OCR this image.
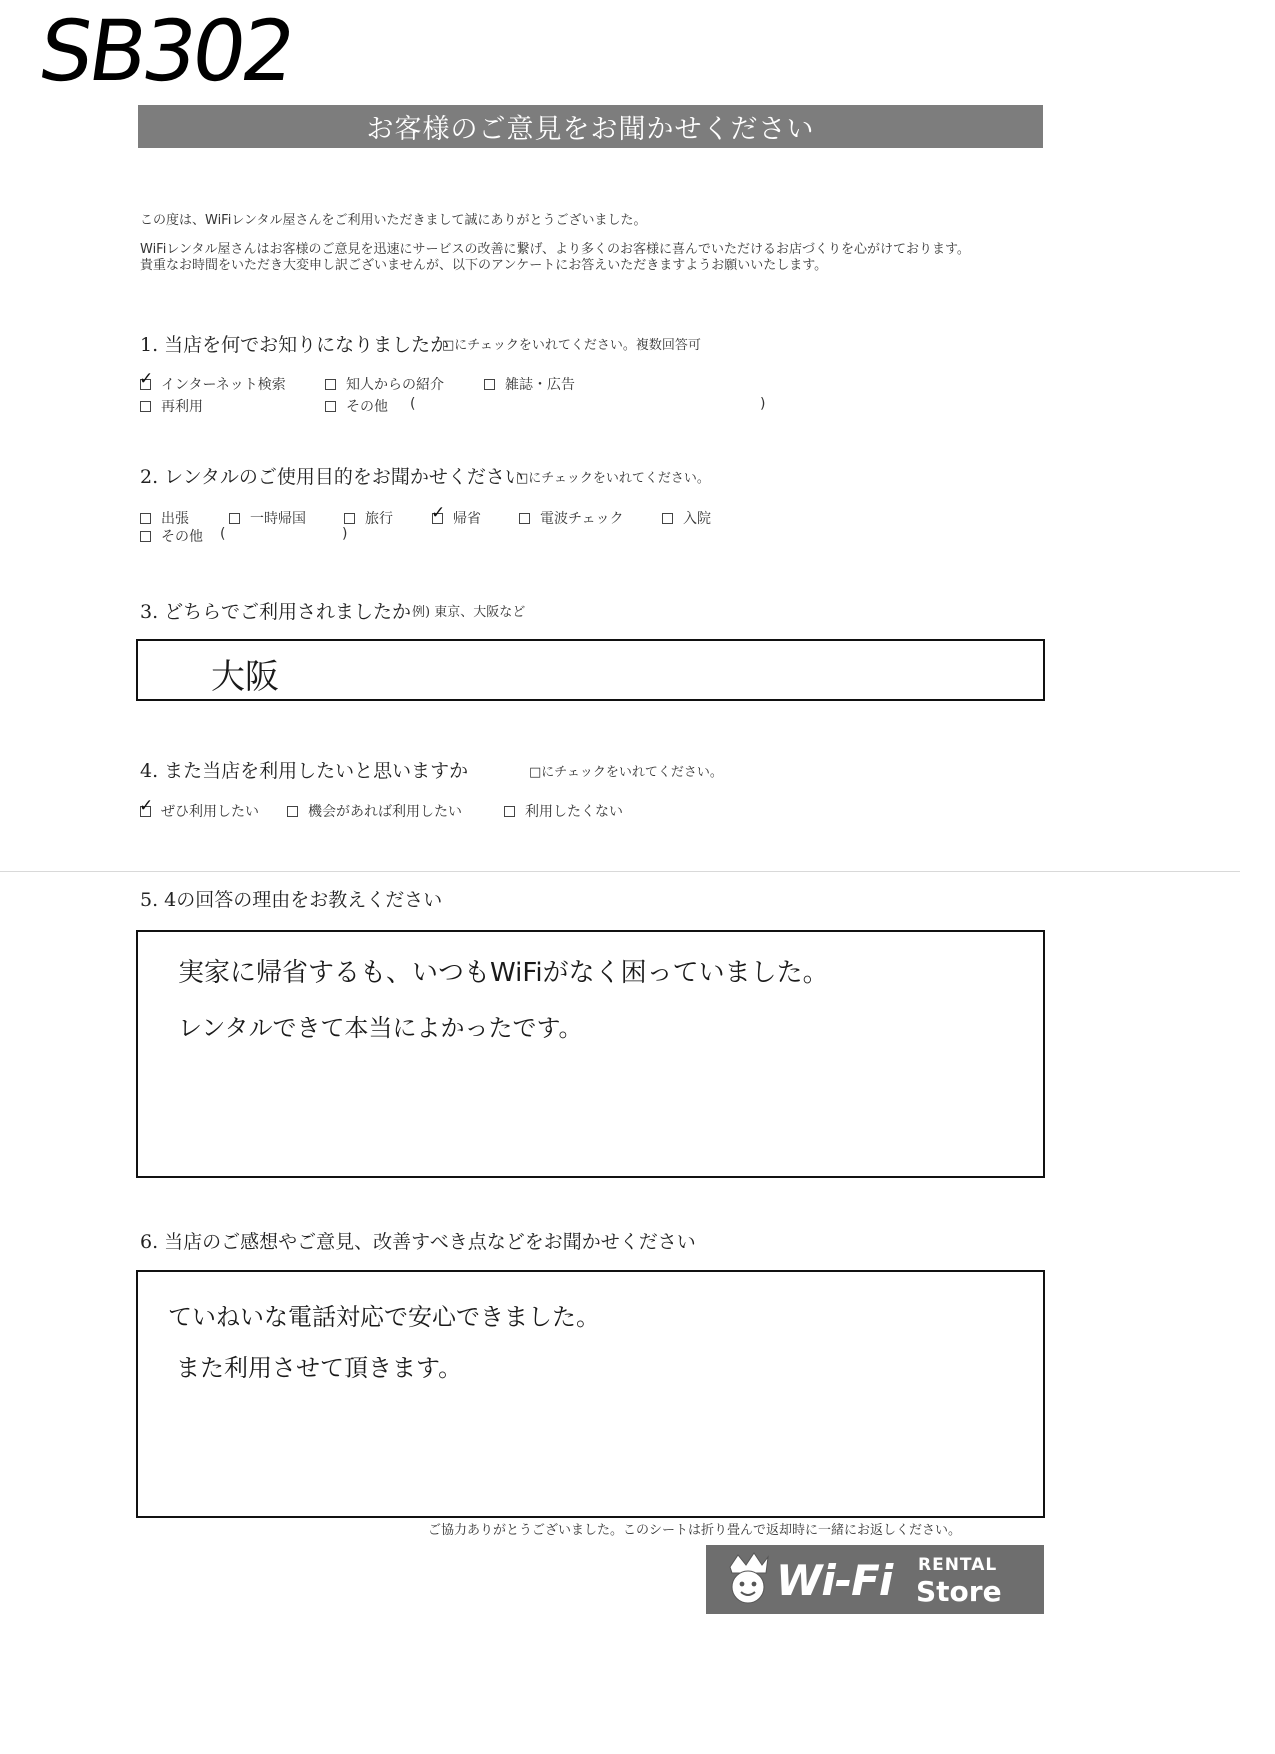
SB302
お客様のご意見をお聞かせください
この度は、WiFiレンタル屋さんをご利用いただきまして誠にありがとうございました。
WiFiレンタル屋さんはお客様のご意見を迅速にサービスの改善に繋げ、より多くのお客様に喜んでいただけるお店づくりを心がけております。
貴重なお時間をいただき大変申し訳ございませんが、以下のアンケートにお答えいただきますようお願いいたします。
1. 当店を何でお知りになりましたか
□にチェックをいれてください。複数回答可
✓
インターネット検索	知人からの紹介	雑誌・広告
再利用	その他 (	)
2. レンタルのご使用目的をお聞かせください
□にチェックをいれてください。
出張	一時帰国	旅行
✓	帰省	電波チェック	入院
その他 (	)
3. どちらでご利用されましたか 例) 東京、大阪など
大阪
4. また当店を利用したいと思いますか	□にチェックをいれてください。
✓
ぜひ利用したい	機会があれば利用したい	利用したくない
5. 4の回答の理由をお教えください
実家に帰省するも、いつもWiFiがなく困っていました。
レンタルできて本当によかったです。
6. 当店のご感想やご意見、改善すべき点などをお聞かせください
ていねいな電話対応で安心できました。
また利用させて頂きます。
ご協力ありがとうございました。このシートは折り畳んで返却時に一緒にお返しください。
Wi-Fi RENTAL
Store
